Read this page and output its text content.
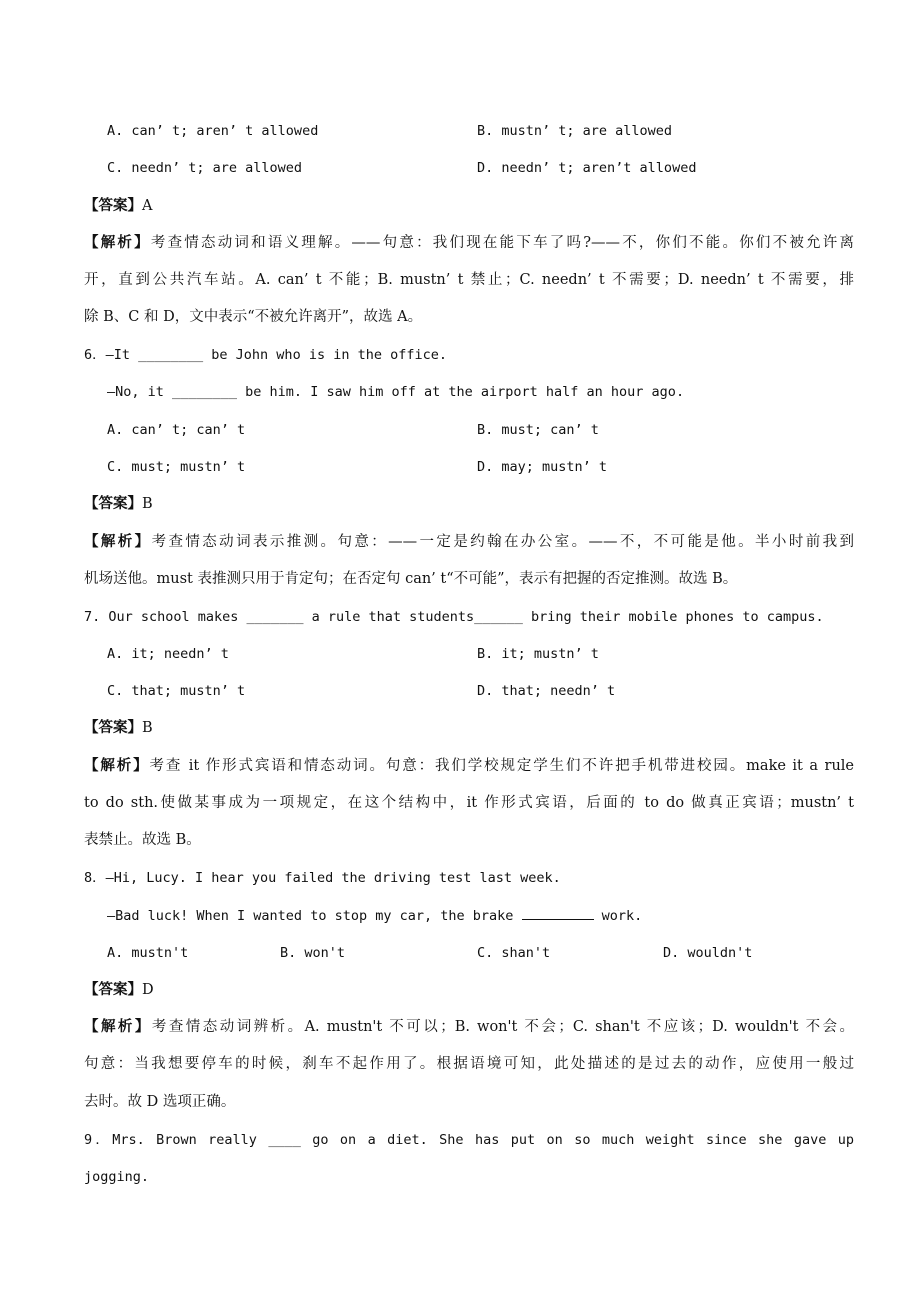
A. can’ t; aren’ t allowed	B. mustn’ t; are allowed
C. needn’ t; are allowed	D. needn’ t; aren’t allowed
【答案】A
【解析】考查情态动词和语义理解。——句意：我们现在能下车了吗?——不，你们不能。你们不被允许离
开，直到公共汽车站。A. can’ t 不能；B. mustn’ t 禁止；C. needn’ t 不需要；D. needn’ t 不需要，排
除 B、C 和 D，文中表示“不被允许离开”，故选 A。
6．—It ________ be John who is in the office.
—No, it ________ be him. I saw him off at the airport half an hour ago.
A. can’ t; can’ t	B. must; can’ t
C. must; mustn’ t	D. may; mustn’ t
【答案】B
【解析】考查情态动词表示推测。句意：——一定是约翰在办公室。——不，不可能是他。半小时前我到
机场送他。must 表推测只用于肯定句；在否定句 can’ t“不可能”，表示有把握的否定推测。故选 B。
7. Our school makes _______ a rule that students______ bring their mobile phones to campus.
A. it; needn’ t	B. it; mustn’ t
C. that; mustn’ t	D. that; needn’ t
【答案】B
【解析】考查 it 作形式宾语和情态动词。句意：我们学校规定学生们不许把手机带进校园。make it a rule
to do sth.使做某事成为一项规定，在这个结构中，it 作形式宾语，后面的 to do 做真正宾语；mustn’ t
表禁止。故选 B。
8．—Hi, Lucy. I hear you failed the driving test last week.
—Bad luck! When I wanted to stop my car, the brake	work.
A. mustn't	B. won't	C. shan't	D. wouldn't
【答案】D
【解析】考查情态动词辨析。A. mustn't 不可以；B. won't 不会；C. shan't 不应该；D. wouldn't 不会。
句意：当我想要停车的时候，刹车不起作用了。根据语境可知，此处描述的是过去的动作，应使用一般过
去时。故 D 选项正确。
9．Mrs. Brown really ____ go on a diet. She has put on so much weight since she gave up
jogging.
